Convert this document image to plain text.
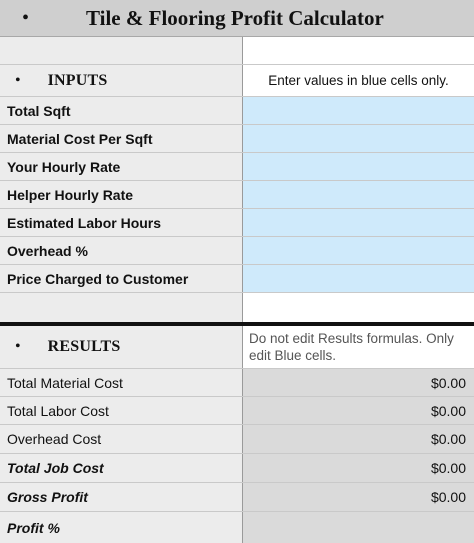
•	Tile & Flooring Profit Calculator
• INPUTS	Enter values in blue cells only.
Total Sqft
Material Cost Per Sqft
Your Hourly Rate
Helper Hourly Rate
Estimated Labor Hours
Overhead %
Price Charged to Customer
• RESULTS	Do not edit Results formulas. Only edit Blue cells.
Total Material Cost	$0.00
Total Labor Cost	$0.00
Overhead Cost	$0.00
Total Job Cost	$0.00
Gross Profit	$0.00
Profit %
